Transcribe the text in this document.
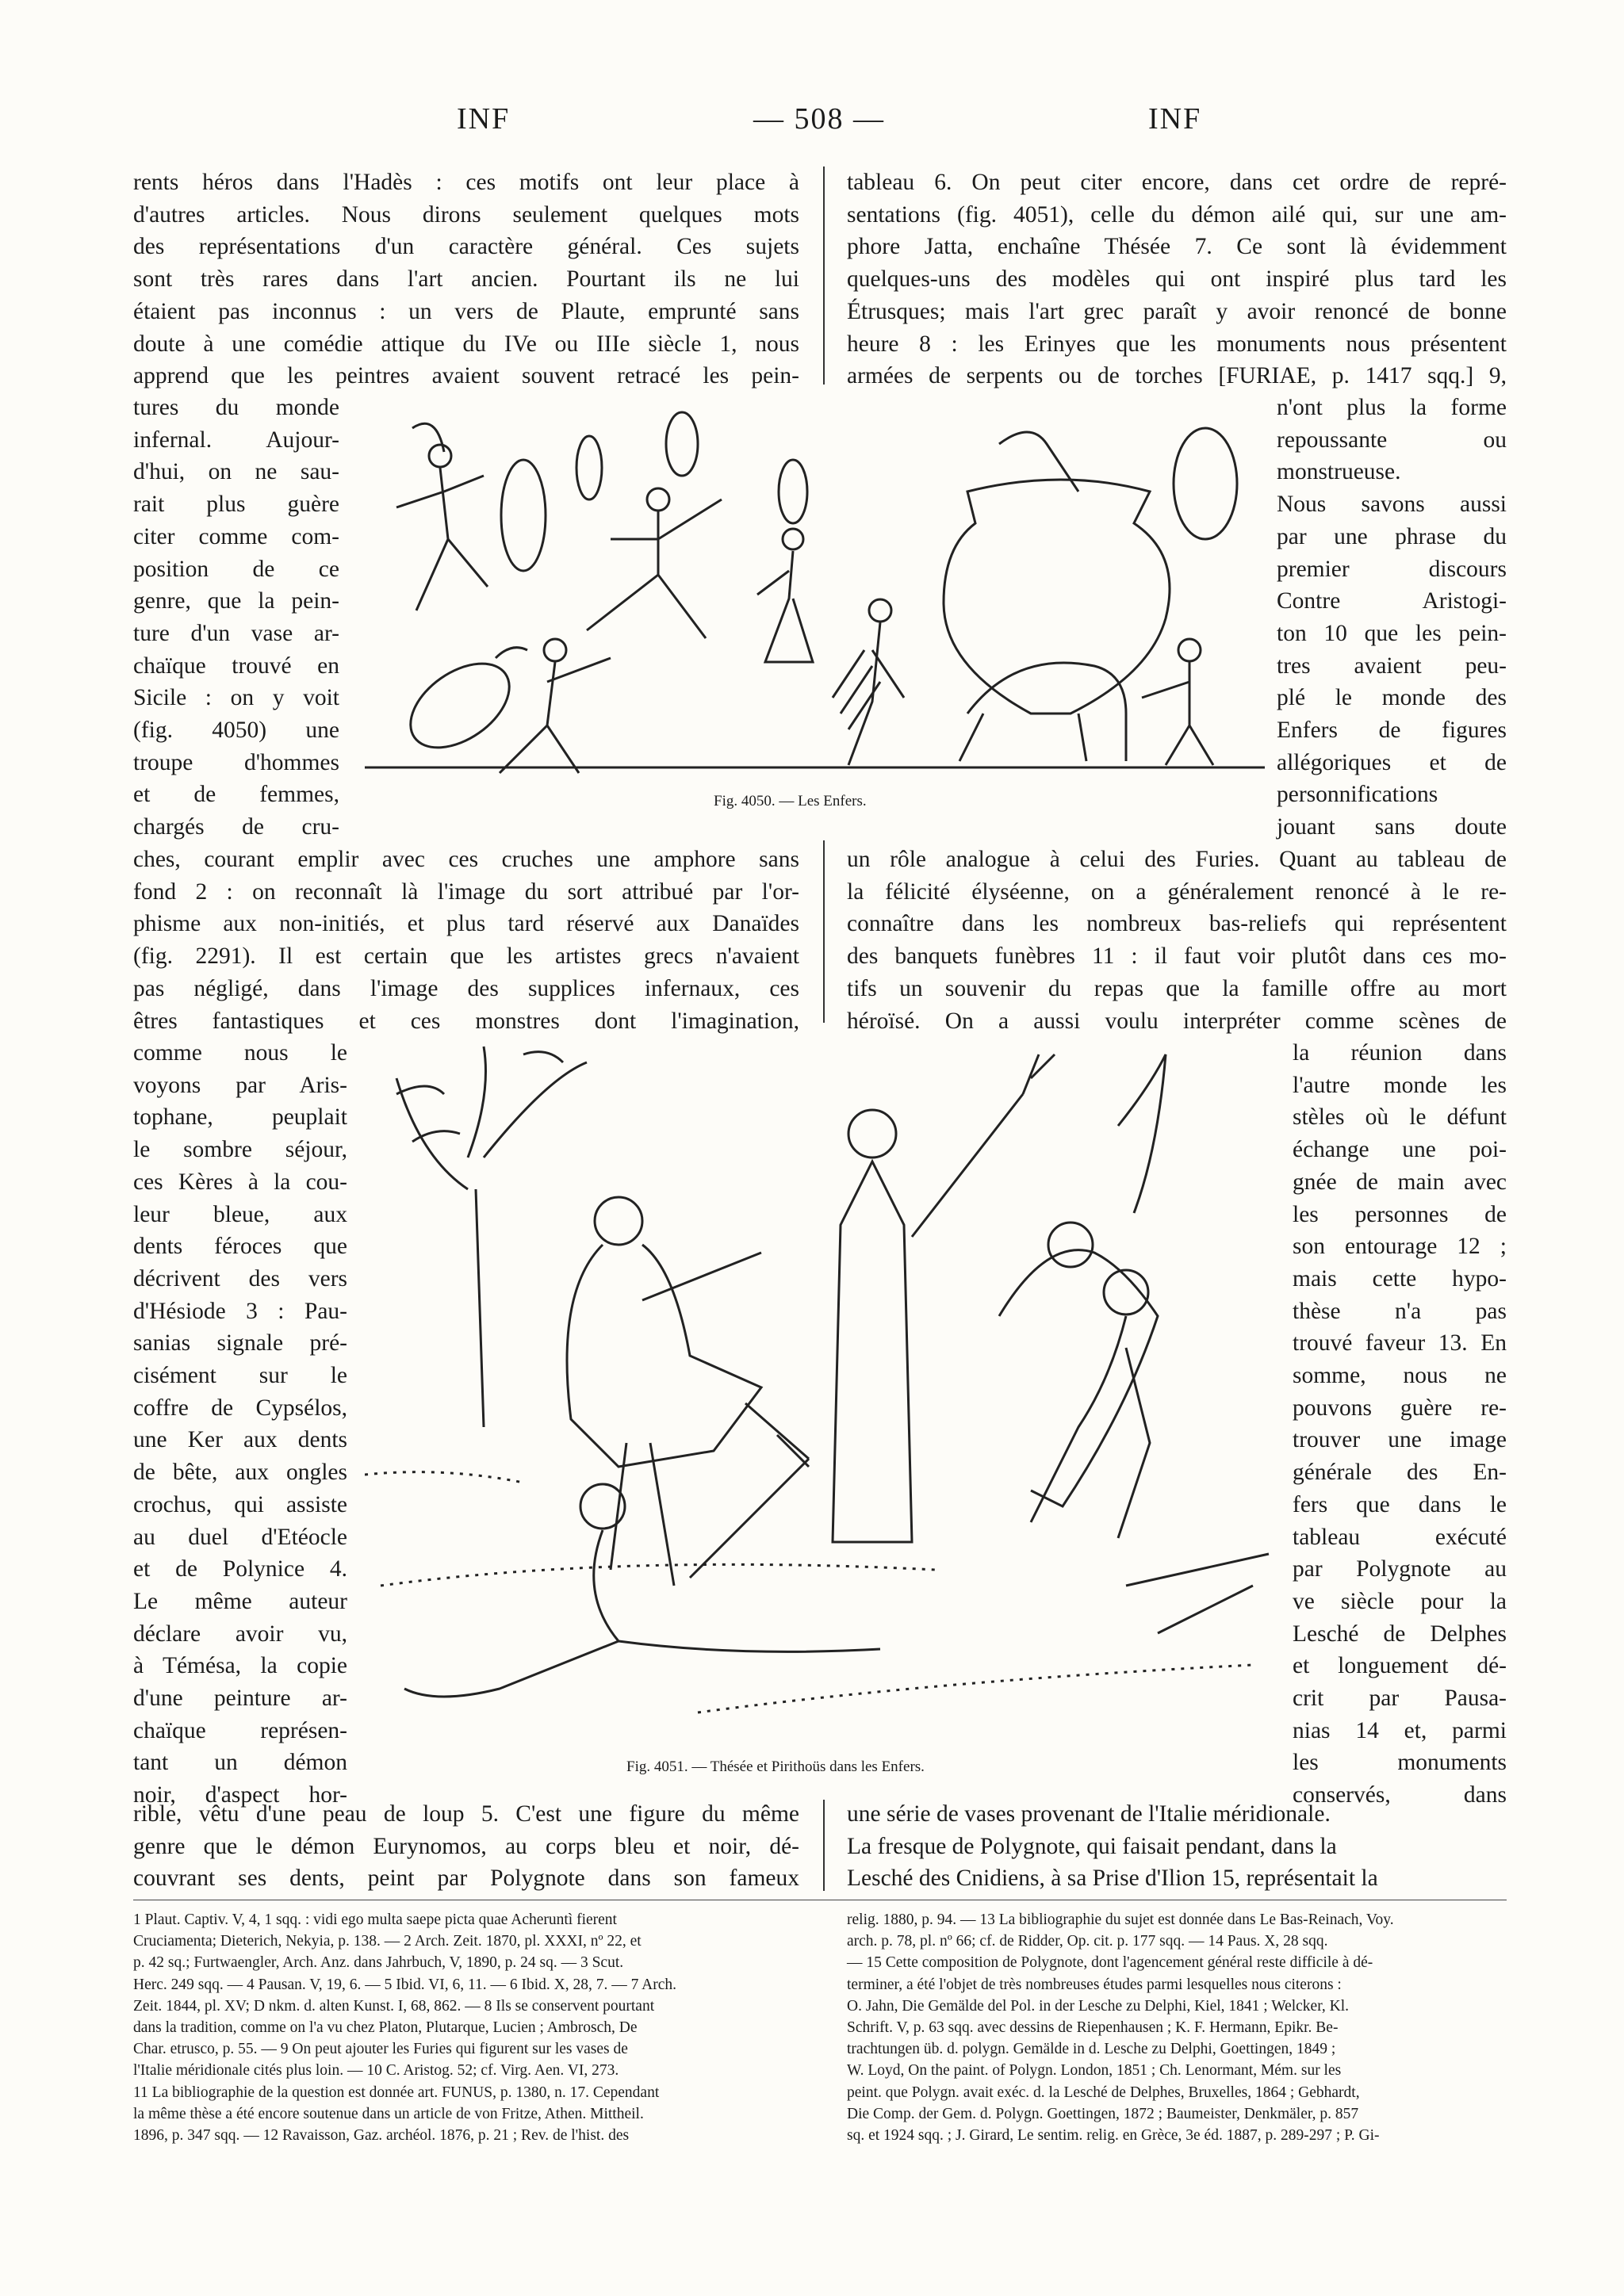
INF	— 508 —	INF
rents héros dans l'Hadès : ces motifs ont leur place à
d'autres articles. Nous dirons seulement quelques mots
des représentations d'un caractère général. Ces sujets
sont très rares dans l'art ancien. Pourtant ils ne lui
étaient pas inconnus : un vers de Plaute, emprunté sans
doute à une comédie attique du IVe ou IIIe siècle 1, nous
apprend que les peintres avaient souvent retracé les pein-
tures du monde
infernal. Aujour-
d'hui, on ne sau-
rait plus guère
citer comme com-
position de ce
genre, que la pein-
ture d'un vase ar-
chaïque trouvé en
Sicile : on y voit
(fig. 4050) une
troupe d'hommes
et de femmes,
chargés de cru-
ches, courant emplir avec ces cruches une amphore sans
fond 2 : on reconnaît là l'image du sort attribué par l'or-
phisme aux non-initiés, et plus tard réservé aux Danaïdes
(fig. 2291). Il est certain que les artistes grecs n'avaient
pas négligé, dans l'image des supplices infernaux, ces
êtres fantastiques et ces monstres dont l'imagination,
comme nous le
voyons par Aris-
tophane, peuplait
le sombre séjour,
ces Kères à la cou-
leur bleue, aux
dents féroces que
décrivent des vers
d'Hésiode 3 : Pau-
sanias signale pré-
cisément sur le
coffre de Cypsélos,
une Ker aux dents
de bête, aux ongles
crochus, qui assiste
au duel d'Etéocle
et de Polynice 4.
Le même auteur
déclare avoir vu,
à Témésa, la copie
d'une peinture ar-
chaïque représen-
tant un démon
noir, d'aspect hor-
rible, vêtu d'une peau de loup 5. C'est une figure du même
genre que le démon Eurynomos, au corps bleu et noir, dé-
couvrant ses dents, peint par Polygnote dans son fameux
tableau 6. On peut citer encore, dans cet ordre de repré-
sentations (fig. 4051), celle du démon ailé qui, sur une am-
phore Jatta, enchaîne Thésée 7. Ce sont là évidemment
quelques-uns des modèles qui ont inspiré plus tard les
Étrusques; mais l'art grec paraît y avoir renoncé de bonne
heure 8 : les Erinyes que les monuments nous présentent
armées de serpents ou de torches [FURIAE, p. 1417 sqq.] 9,
n'ont plus la forme
repoussante ou
monstrueuse.
Nous savons aussi
par une phrase du
premier discours
Contre Aristogi-
ton 10 que les pein-
tres avaient peu-
plé le monde des
Enfers de figures
allégoriques et de
personnifications
jouant sans doute
un rôle analogue à celui des Furies. Quant au tableau de
la félicité élyséenne, on a généralement renoncé à le re-
connaître dans les nombreux bas-reliefs qui représentent
des banquets funèbres 11 : il faut voir plutôt dans ces mo-
tifs un souvenir du repas que la famille offre au mort
héroïsé. On a aussi voulu interpréter comme scènes de
la réunion dans
l'autre monde les
stèles où le défunt
échange une poi-
gnée de main avec
les personnes de
son entourage 12 ;
mais cette hypo-
thèse n'a pas
trouvé faveur 13. En
somme, nous ne
pouvons guère re-
trouver une image
générale des En-
fers que dans le
tableau exécuté
par Polygnote au
ve siècle pour la
Lesché de Delphes
et longuement dé-
crit par Pausa-
nias 14 et, parmi
les monuments
conservés, dans
une série de vases provenant de l'Italie méridionale.
La fresque de Polygnote, qui faisait pendant, dans la
Lesché des Cnidiens, à sa Prise d'Ilion 15, représentait la
Fig. 4050. — Les Enfers.
Fig. 4051. — Thésée et Pirithoüs dans les Enfers.
1 Plaut. Captiv. V, 4, 1 sqq. : vidi ego multa saepe picta quae Acheruntì fierent
Cruciamenta; Dieterich, Nekyia, p. 138. — 2 Arch. Zeit. 1870, pl. XXXI, nº 22, et
p. 42 sq.; Furtwaengler, Arch. Anz. dans Jahrbuch, V, 1890, p. 24 sq. — 3 Scut.
Herc. 249 sqq. — 4 Pausan. V, 19, 6. — 5 Ibid. VI, 6, 11. — 6 Ibid. X, 28, 7. — 7 Arch.
Zeit. 1844, pl. XV; D nkm. d. alten Kunst. I, 68, 862. — 8 Ils se conservent pourtant
dans la tradition, comme on l'a vu chez Platon, Plutarque, Lucien ; Ambrosch, De
Char. etrusco, p. 55. — 9 On peut ajouter les Furies qui figurent sur les vases de
l'Italie méridionale cités plus loin. — 10 C. Aristog. 52; cf. Virg. Aen. VI, 273.
11 La bibliographie de la question est donnée art. FUNUS, p. 1380, n. 17. Cependant
la même thèse a été encore soutenue dans un article de von Fritze, Athen. Mittheil.
1896, p. 347 sqq. — 12 Ravaisson, Gaz. archéol. 1876, p. 21 ; Rev. de l'hist. des
relig. 1880, p. 94. — 13 La bibliographie du sujet est donnée dans Le Bas-Reinach, Voy.
arch. p. 78, pl. nº 66; cf. de Ridder, Op. cit. p. 177 sqq. — 14 Paus. X, 28 sqq.
— 15 Cette composition de Polygnote, dont l'agencement général reste difficile à dé-
terminer, a été l'objet de très nombreuses études parmi lesquelles nous citerons :
O. Jahn, Die Gemälde del Pol. in der Lesche zu Delphi, Kiel, 1841 ; Welcker, Kl.
Schrift. V, p. 63 sqq. avec dessins de Riepenhausen ; K. F. Hermann, Epikr. Be-
trachtungen üb. d. polygn. Gemälde in d. Lesche zu Delphi, Goettingen, 1849 ;
W. Loyd, On the paint. of Polygn. London, 1851 ; Ch. Lenormant, Mém. sur les
peint. que Polygn. avait exéc. d. la Lesché de Delphes, Bruxelles, 1864 ; Gebhardt,
Die Comp. der Gem. d. Polygn. Goettingen, 1872 ; Baumeister, Denkmäler, p. 857
sq. et 1924 sqq. ; J. Girard, Le sentim. relig. en Grèce, 3e éd. 1887, p. 289-297 ; P. Gi-
